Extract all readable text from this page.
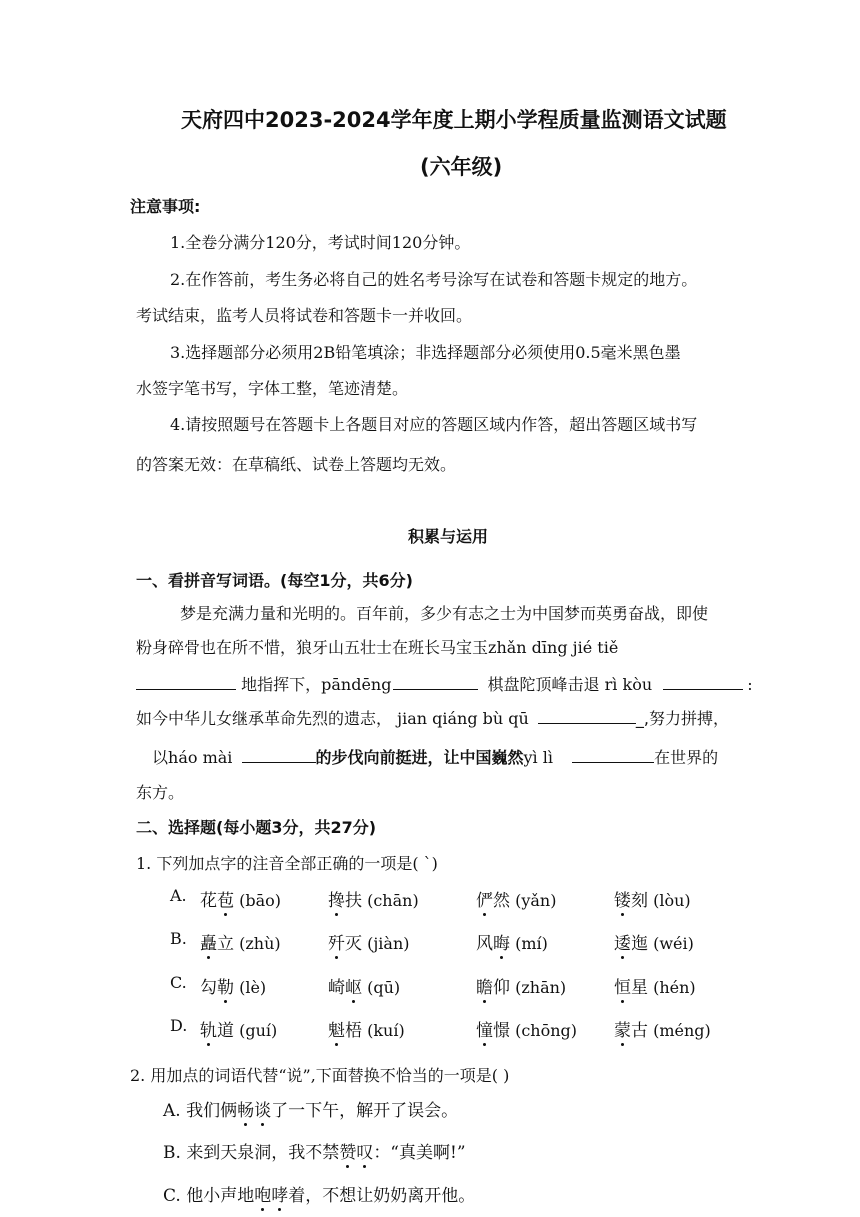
天府四中2023-2024学年度上期小学程质量监测语文试题
(六年级)
注意事项:
1.全卷分满分120分，考试时间120分钟。
2.在作答前，考生务必将自己的姓名考号涂写在试卷和答题卡规定的地方。
考试结束，监考人员将试卷和答题卡一并收回。
3.选择题部分必须用2B铅笔填涂；非选择题部分必须使用0.5毫米黑色墨
水签字笔书写，字体工整，笔迹清楚。
4.请按照题号在答题卡上各题目对应的答题区域内作答，超出答题区域书写
的答案无效：在草稿纸、试卷上答题均无效。
积累与运用
一、看拼音写词语。(每空1分，共6分)
梦是充满力量和光明的。百年前，多少有志之士为中国梦而英勇奋战，即使
粉身碎骨也在所不惜，狼牙山五壮士在班长马宝玉zhǎn dīng jié tiě
地指挥下，pāndēng	棋盘陀顶峰击退 rì kòu	:
如今中华儿女继承革命先烈的遗志， jian qiáng bù qū	_,努力拼搏，
以háo mài	的步伐向前挺进，让中国巍然yì lì	在世界的
东方。
二、选择题(每小题3分，共27分)
1. 下列加点字的注音全部正确的一项是( `)
A. 花苞 (bāo)	搀扶 (chān)	俨然 (yǎn)	镂刻 (lòu)
B. 矗立 (zhù)	歼灭 (jiàn)	风晦 (mí)	逶迤 (wéi)
C. 勾勒 (lè)	崎岖 (qū)	瞻仰 (zhān)	恒星 (hén)
D. 轨道 (guí)	魁梧 (kuí)	憧憬 (chōng) 蒙古 (méng)
2. 用加点的词语代替“说”,下面替换不恰当的一项是( )
A. 我们俩畅谈了一下午，解开了误会。
B. 来到天泉洞，我不禁赞叹：“真美啊!”
C. 他小声地咆哮着，不想让奶奶离开他。
